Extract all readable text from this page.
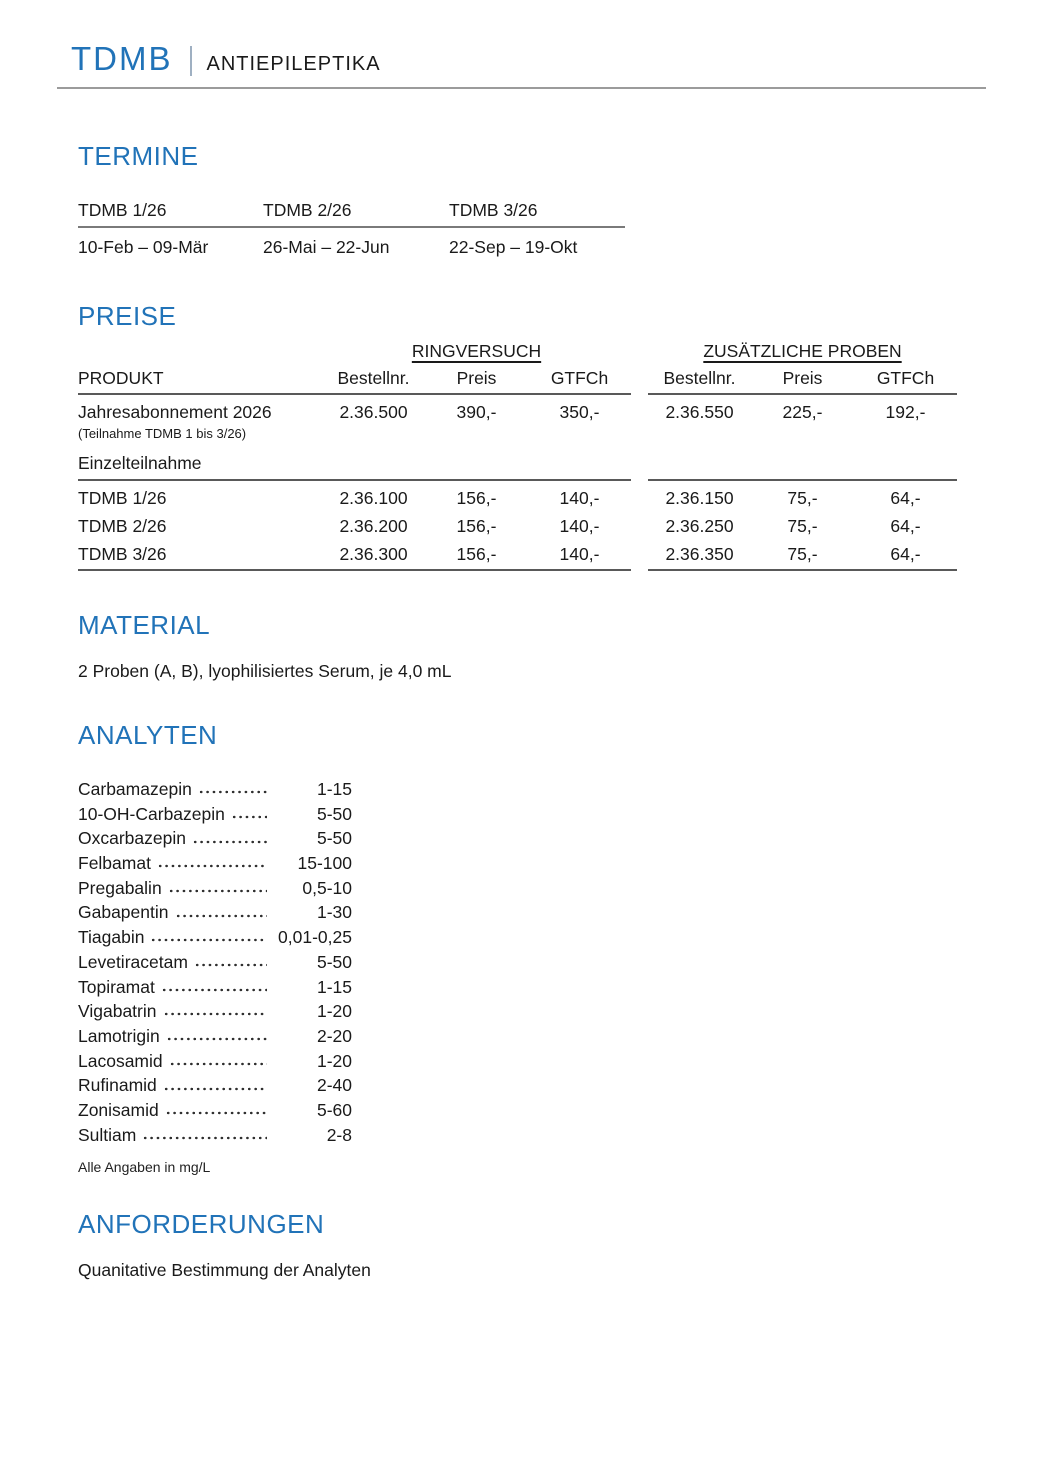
TDMB ANTIEPILEPTIKA
TERMINE
TDMB 1/26	TDMB 2/26	TDMB 3/26
10-Feb – 09-Mär	26-Mai – 22-Jun	22-Sep – 19-Okt
PREISE
RINGVERSUCH	ZUSÄTZLICHE PROBEN
PRODUKT	Bestellnr.	Preis	GTFCh	Bestellnr.	Preis	GTFCh
Jahresabonnement 2026	2.36.500	390,-	350,-	2.36.550	225,-	192,-
(Teilnahme TDMB 1 bis 3/26)
Einzelteilnahme
TDMB 1/26	2.36.100	156,-	140,-	2.36.150	75,-	64,-
TDMB 2/26	2.36.200	156,-	140,-	2.36.250	75,-	64,-
TDMB 3/26	2.36.300	156,-	140,-	2.36.350	75,-	64,-
MATERIAL

2 Proben (A, B), lyophilisiertes Serum, je 4,0 mL

ANALYTEN
Carbamazepin	1-15
10-OH-Carbazepin	5-50
Oxcarbazepin	5-50
Felbamat	15-100
Pregabalin	0,5-10
Gabapentin	1-30
Tiagabin	0,01-0,25
Levetiracetam	5-50
Topiramat	1-15
Vigabatrin	1-20
Lamotrigin	2-20
Lacosamid	1-20
Rufinamid	2-40
Zonisamid	5-60
Sultiam	2-8
Alle Angaben in mg/L
ANFORDERUNGEN

Quanitative Bestimmung der Analyten
